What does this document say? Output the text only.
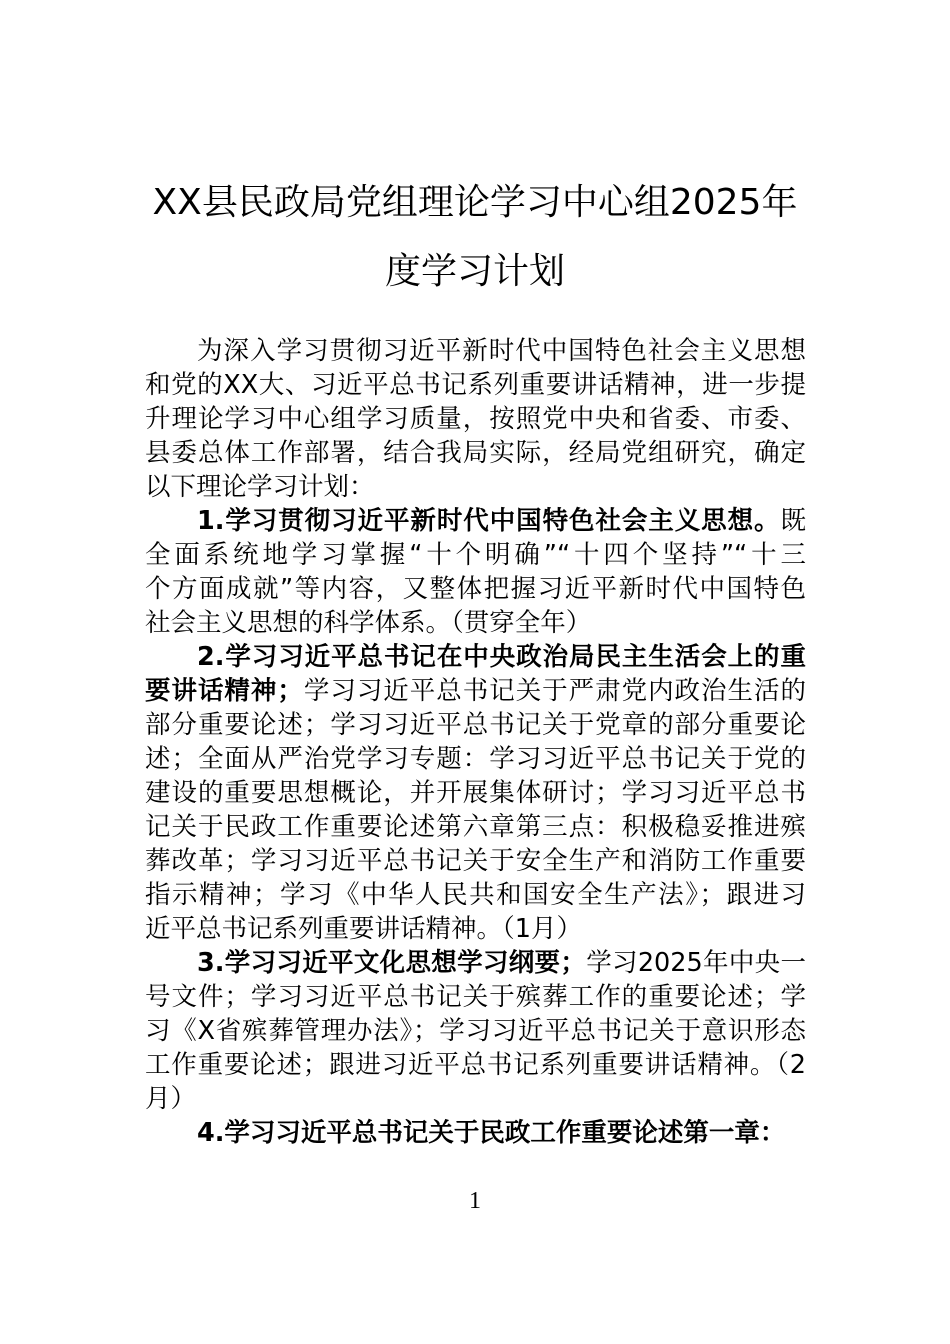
XX县民政局党组理论学习中心组2025年
度学习计划
为深入学习贯彻习近平新时代中国特色社会主义思想
和党的XX大、习近平总书记系列重要讲话精神，进一步提
升理论学习中心组学习质量，按照党中央和省委、市委、
县委总体工作部署，结合我局实际，经局党组研究，确定
以下理论学习计划：
1.学习贯彻习近平新时代中国特色社会主义思想。既
全面系统地学习掌握“十个明确”“十四个坚持”“十三
个方面成就”等内容，又整体把握习近平新时代中国特色
社会主义思想的科学体系。（贯穿全年）
2.学习习近平总书记在中央政治局民主生活会上的重
要讲话精神；学习习近平总书记关于严肃党内政治生活的
部分重要论述；学习习近平总书记关于党章的部分重要论
述；全面从严治党学习专题：学习习近平总书记关于党的
建设的重要思想概论，并开展集体研讨；学习习近平总书
记关于民政工作重要论述第六章第三点：积极稳妥推进殡
葬改革；学习习近平总书记关于安全生产和消防工作重要
指示精神；学习《中华人民共和国安全生产法》；跟进习
近平总书记系列重要讲话精神。（1月）
3.学习习近平文化思想学习纲要；学习2025年中央一
号文件；学习习近平总书记关于殡葬工作的重要论述；学
习《X省殡葬管理办法》；学习习近平总书记关于意识形态
工作重要论述；跟进习近平总书记系列重要讲话精神。（2
月）
4.学习习近平总书记关于民政工作重要论述第一章：
1
